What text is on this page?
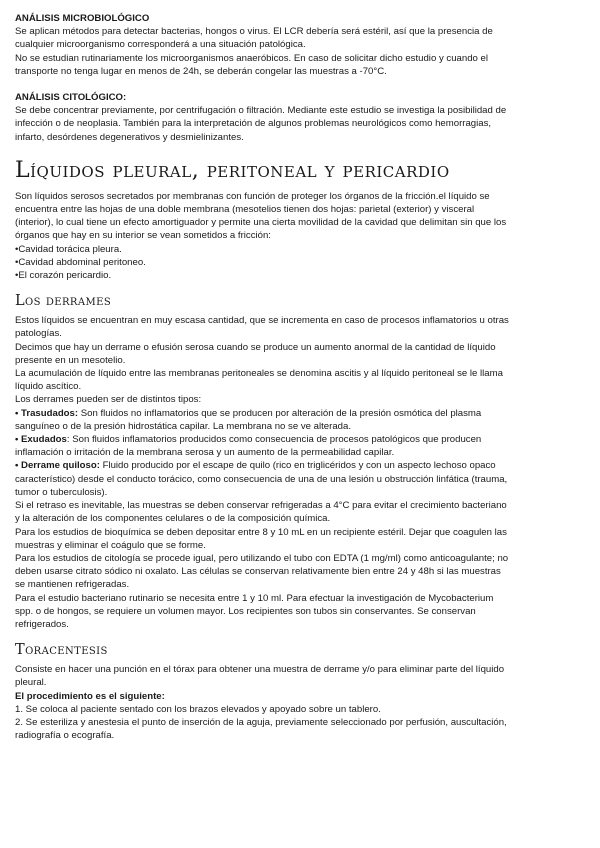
ANÁLISIS MICROBIOLÓGICO

Se aplican métodos para detectar bacterias, hongos o virus. El LCR debería será estéril, así que la presencia de

cualquier microorganismo corresponderá a una situación patológica.

No se estudian rutinariamente los microorganismos anaeróbicos. En caso de solicitar dicho estudio y cuando el

transporte no tenga lugar en menos de 24h, se deberán congelar las muestras a -70°C.

ANÁLISIS CITOLÓGICO:

Se debe concentrar previamente, por centrifugación o filtración. Mediante este estudio se investiga la posibilidad de

infección o de neoplasia. También para la interpretación de algunos problemas neurológicos como hemorragias,

infarto, desórdenes degenerativos y desmielinizantes.

Líquidos pleural, peritoneal y pericardio

Son líquidos serosos secretados por membranas con función de proteger los órganos de la fricción.el líquido se

encuentra entre las hojas de una doble membrana (mesotelios tienen dos hojas: parietal (exterior) y visceral

(interior), lo cual tiene un efecto amortiguador y permite una cierta movilidad de la cavidad que delimitan sin que los

órganos que hay en su interior se vean sometidos a fricción:

• Cavidad torácica pleura.
• Cavidad abdominal peritoneo.
• El corazón pericardio.
Los derrames

Estos líquidos se encuentran en muy escasa cantidad, que se incrementa en caso de procesos inflamatorios u otras

patologías.

Decimos que hay un derrame o efusión serosa cuando se produce un aumento anormal de la cantidad de líquido

presente en un mesotelio.

La acumulación de líquido entre las membranas peritoneales se denomina ascitis y al líquido peritoneal se le llama

líquido ascítico.

Los derrames pueden ser de distintos tipos:

• Trasudados: Son fluidos no inflamatorios que se producen por alteración de la presión osmótica del plasma

sanguíneo o de la presión hidrostática capilar. La membrana no se ve alterada.

• Exudados: Son fluidos inflamatorios producidos como consecuencia de procesos patológicos que producen

inflamación o irritación de la membrana serosa y un aumento de la permeabilidad capilar.

• Derrame quiloso: Fluido producido por el escape de quilo (rico en triglicéridos y con un aspecto lechoso opaco

característico) desde el conducto torácico, como consecuencia de una de una lesión u obstrucción linfática (trauma,

tumor o tuberculosis).

Si el retraso es inevitable, las muestras se deben conservar refrigeradas a 4°C para evitar el crecimiento bacteriano

y la alteración de los componentes celulares o de la composición química.

Para los estudios de bioquímica se deben depositar entre 8 y 10 mL en un recipiente estéril. Dejar que coagulen las

muestras y eliminar el coágulo que se forme.

Para los estudios de citología se procede igual, pero utilizando el tubo con EDTA (1 mg/ml) como anticoagulante; no

deben usarse citrato sódico ni oxalato. Las células se conservan relativamente bien entre 24 y 48h si las muestras

se mantienen refrigeradas.

Para el estudio bacteriano rutinario se necesita entre 1 y 10 ml. Para efectuar la investigación de Mycobacterium

spp. o de hongos, se requiere un volumen mayor. Los recipientes son tubos sin conservantes. Se conservan

refrigerados.

Toracentesis

Consiste en hacer una punción en el tórax para obtener una muestra de derrame y/o para eliminar parte del líquido

pleural.

El procedimiento es el siguiente:

1. Se coloca al paciente sentado con los brazos elevados y apoyado sobre un tablero.

2. Se esteriliza y anestesia el punto de inserción de la aguja, previamente seleccionado por perfusión, auscultación,

radiografía o ecografía.
